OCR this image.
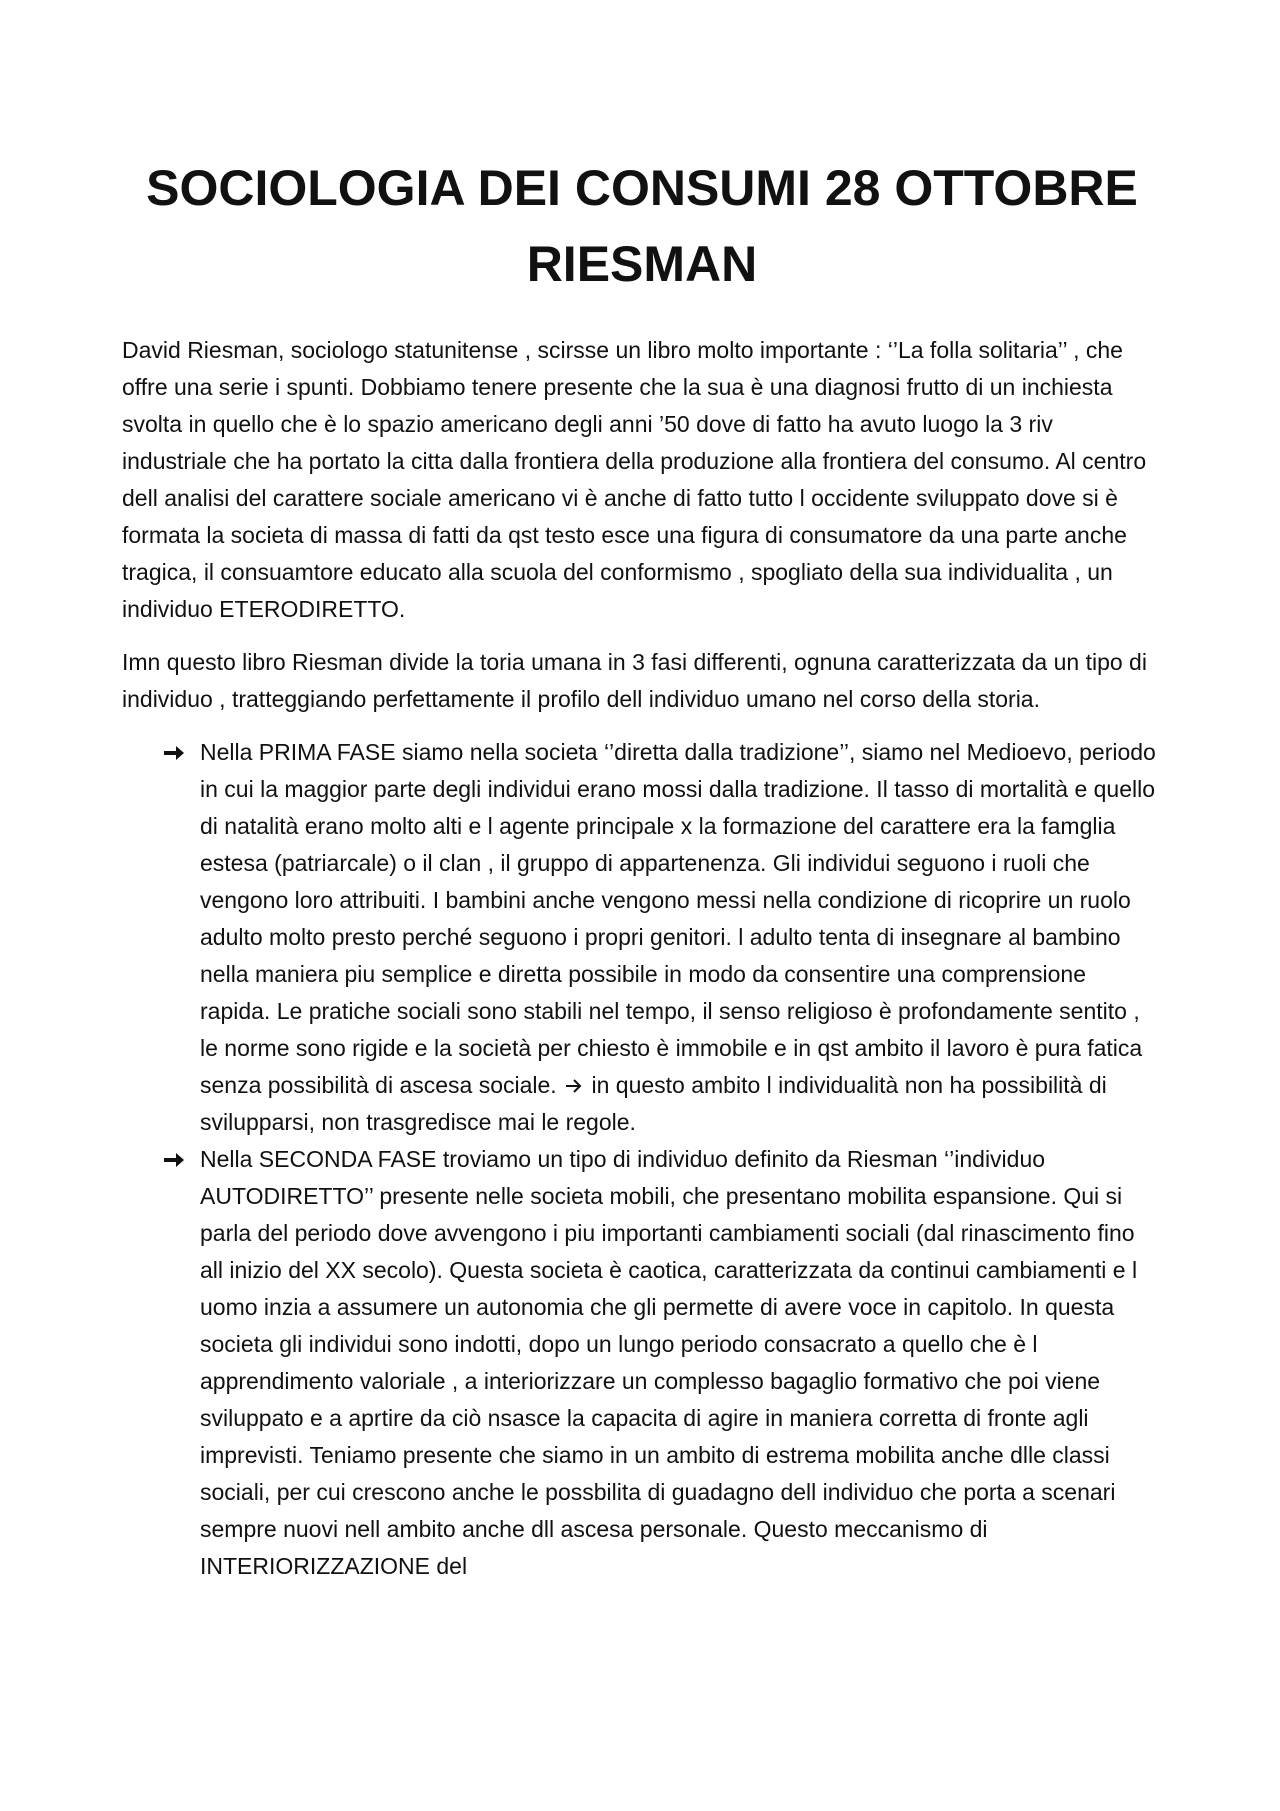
SOCIOLOGIA DEI CONSUMI 28 OTTOBRE
RIESMAN

David Riesman, sociologo statunitense , scirsse un libro molto importante : ‘’La folla solitaria’’ , che offre una serie i spunti. Dobbiamo tenere presente che la sua è una diagnosi frutto di un inchiesta svolta in quello che è lo spazio americano degli anni ’50 dove di fatto ha avuto luogo la 3 riv industriale che ha portato la citta dalla frontiera della produzione alla frontiera del consumo. Al centro dell analisi del carattere sociale americano vi è anche di fatto tutto l occidente sviluppato dove si è formata la societa di massa di fatti da qst testo esce una figura di consumatore da una parte anche tragica, il consuamtore educato alla scuola del conformismo , spogliato della sua individualita , un individuo ETERODIRETTO.

Imn questo libro Riesman divide la toria umana in 3 fasi differenti, ognuna caratterizzata da un tipo di individuo , tratteggiando perfettamente il profilo dell individuo umano nel corso della storia.

Nella PRIMA FASE siamo nella societa ‘’diretta dalla tradizione’’, siamo nel Medioevo, periodo in cui la maggior parte degli individui erano mossi dalla tradizione. Il tasso di mortalità e quello di natalità erano molto alti e l agente principale x la formazione del carattere era la famglia estesa (patriarcale) o il clan , il gruppo di appartenenza. Gli individui seguono i ruoli che vengono loro attribuiti. I bambini anche vengono messi nella condizione di ricoprire un ruolo adulto molto presto perché seguono i propri genitori. l adulto tenta di insegnare al bambino nella maniera piu semplice e diretta possibile in modo da consentire una comprensione rapida. Le pratiche sociali sono stabili nel tempo, il senso religioso è profondamente sentito , le norme sono rigide e la società per chiesto è immobile e in qst ambito il lavoro è pura fatica senza possibilità di ascesa sociale. in questo ambito l individualità non ha possibilità di svilupparsi, non trasgredisce mai le regole.
Nella SECONDA FASE troviamo un tipo di individuo definito da Riesman ‘’individuo AUTODIRETTO’’ presente nelle societa mobili, che presentano mobilita espansione. Qui si parla del periodo dove avvengono i piu importanti cambiamenti sociali (dal rinascimento fino all inizio del XX secolo). Questa societa è caotica, caratterizzata da continui cambiamenti e l uomo inzia a assumere un autonomia che gli permette di avere voce in capitolo. In questa societa gli individui sono indotti, dopo un lungo periodo consacrato a quello che è l apprendimento valoriale , a interiorizzare un complesso bagaglio formativo che poi viene sviluppato e a aprtire da ciò nsasce la capacita di agire in maniera corretta di fronte agli imprevisti. Teniamo presente che siamo in un ambito di estrema mobilita anche dlle classi sociali, per cui crescono anche le possbilita di guadagno dell individuo che porta a scenari sempre nuovi nell ambito anche dll ascesa personale. Questo meccanismo di INTERIORIZZAZIONE del
